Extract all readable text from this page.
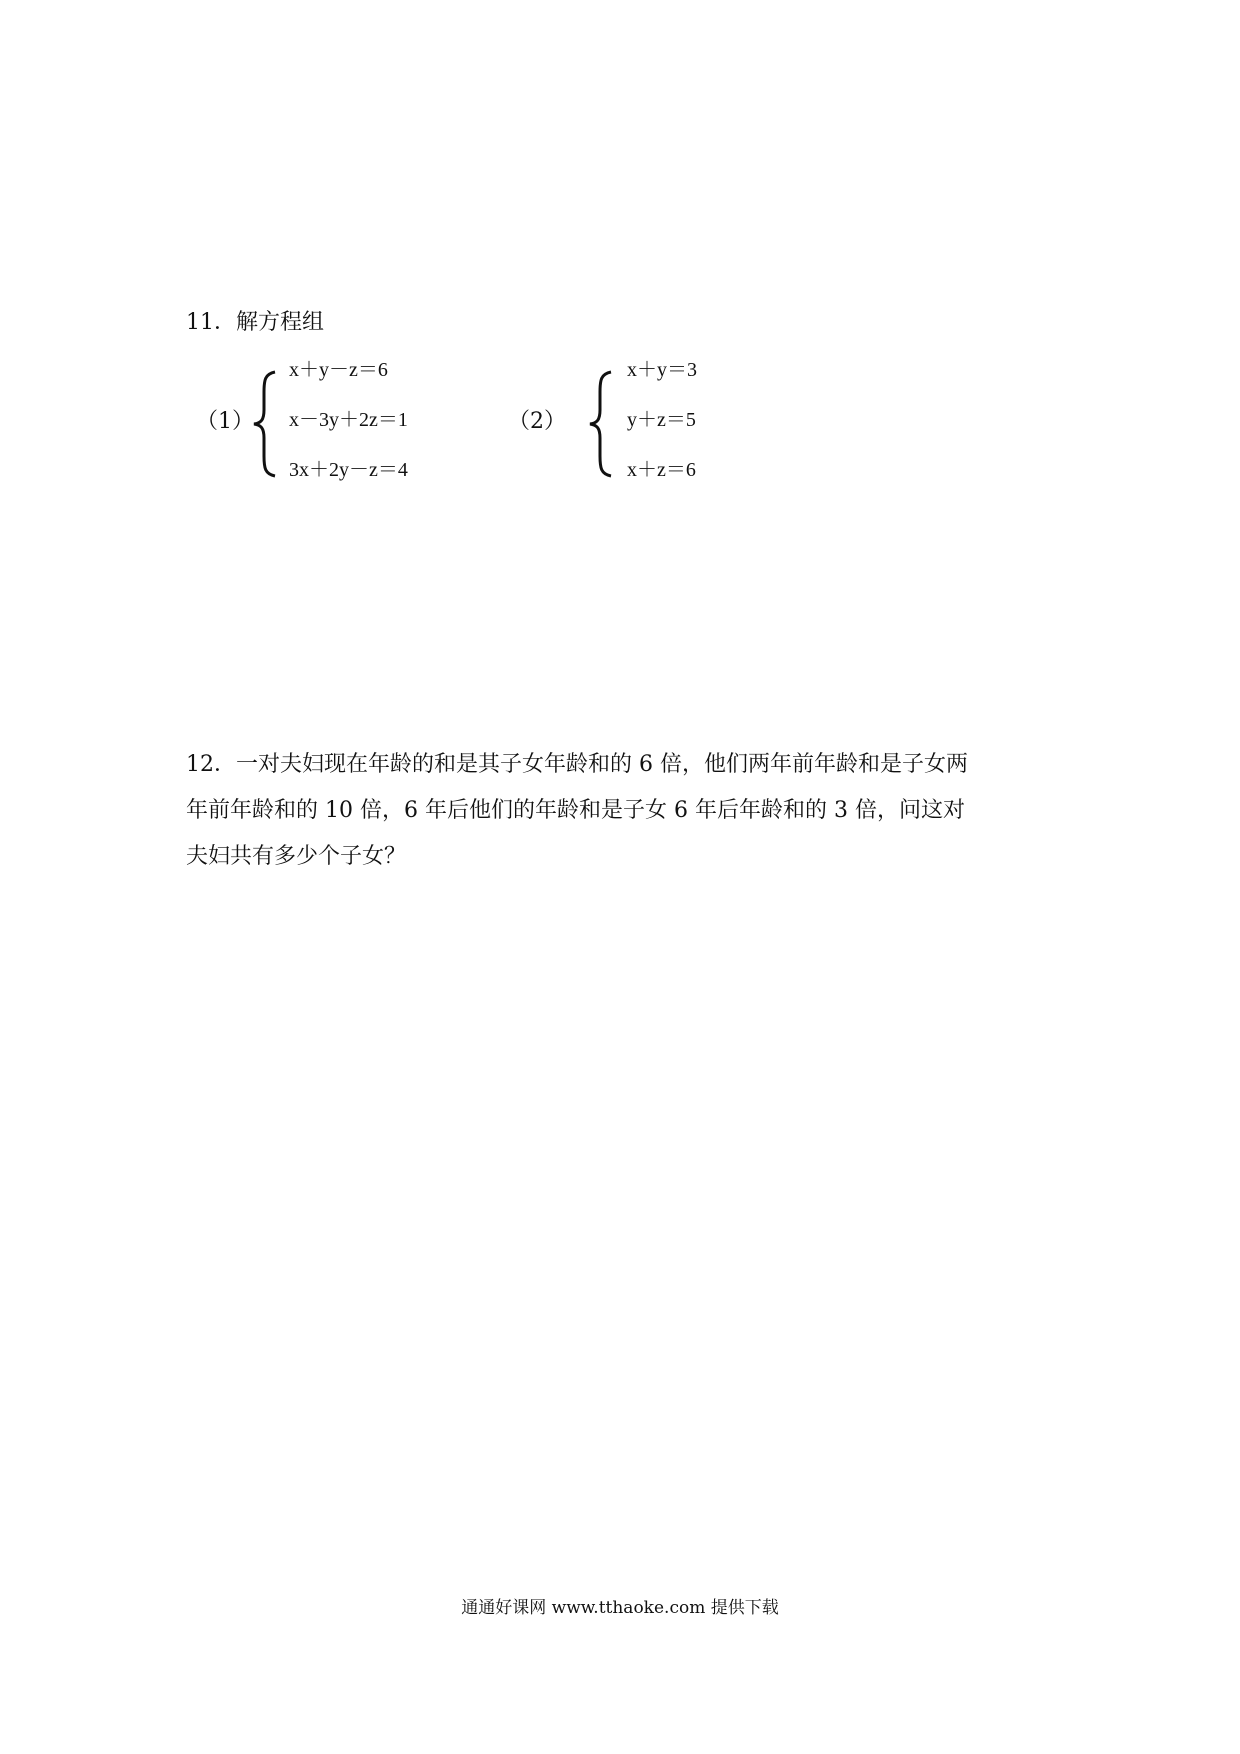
11．解方程组
（1）
x＋y－z＝6
x－3y＋2z＝1
3x＋2y－z＝4
（2）
x＋y＝3
y＋z＝5
x＋z＝6
12．一对夫妇现在年龄的和是其子女年龄和的 6 倍，他们两年前年龄和是子女两
年前年龄和的 10 倍，6 年后他们的年龄和是子女 6 年后年龄和的 3 倍，问这对
夫妇共有多少个子女？
通通好课网 www.tthaoke.com 提供下载
